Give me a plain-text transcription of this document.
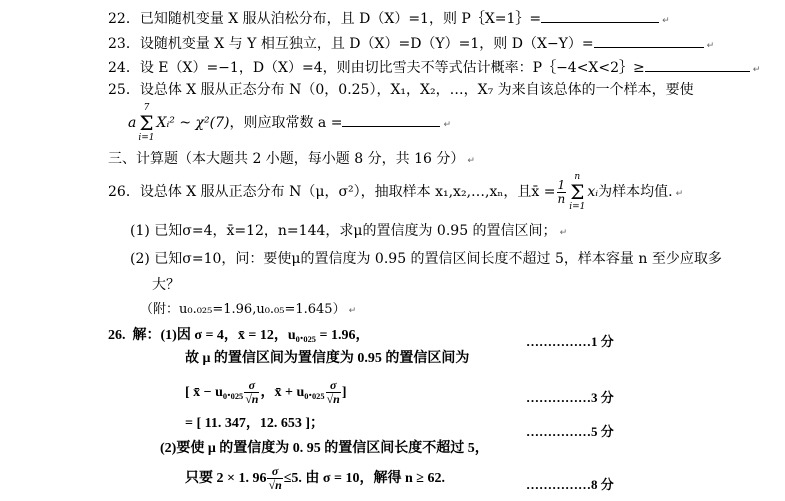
22．已知随机变量 X 服从泊松分布，且 D（X）=1，则 P｛X=1｝=	↵
23．设随机变量 X 与 Y 相互独立，且 D（X）=D（Y）=1，则 D（X−Y）=	↵
24．设 E（X）=−1，D（X）=4，则由切比雪夫不等式估计概率：P｛−4<X<2｝≥	↵
25．设总体 X 服从正态分布 N（0，0.25），X₁，X₂，…，X₇ 为来自该总体的一个样本，要使
a
7
Σ
i=1
Xᵢ² ~ χ²(7)，则应取常数 a =	↵
三、计算题（本大题共 2 小题，每小题 8 分，共 16 分） ↵
26．设总体 X 服从正态分布 N（μ，σ²），抽取样本 x₁,x₂,…,xₙ，且x̄ = $\frac{1}{n}$
n
Σ
i=1
xᵢ为样本均值. ↵
(1) 已知σ=4，x̄=12，n=144，求μ的置信度为 0.95 的置信区间； ↵
(2) 已知σ=10，问：要使μ的置信度为 0.95 的置信区间长度不超过 5，样本容量 n 至少应取多
大？
（附：u₀.₀₂₅=1.96,u₀.₀₅=1.645） ↵
26. 解：(1)因 σ = 4，x̄ = 12，u₀.₀₂₅ = 1.96，	……………1 分
故 μ 的置信区间为置信度为 0.95 的置信区间为
[ x̄ − $u_0._{025} \frac{\sigma}{√n}$ ，x̄ + $u_0._{025} \frac{\sigma}{√n}$ ]	……………3 分
= [ 11. 347，12. 653 ]；
……………5 分
(2)要使 μ 的置信度为 0. 95 的置信区间长度不超过 5，
只要 2 × 1. $96 \frac{\sigma}{√n} \le 5$. 由 σ = 10，解得 n ≥ 62.	……………8 分
